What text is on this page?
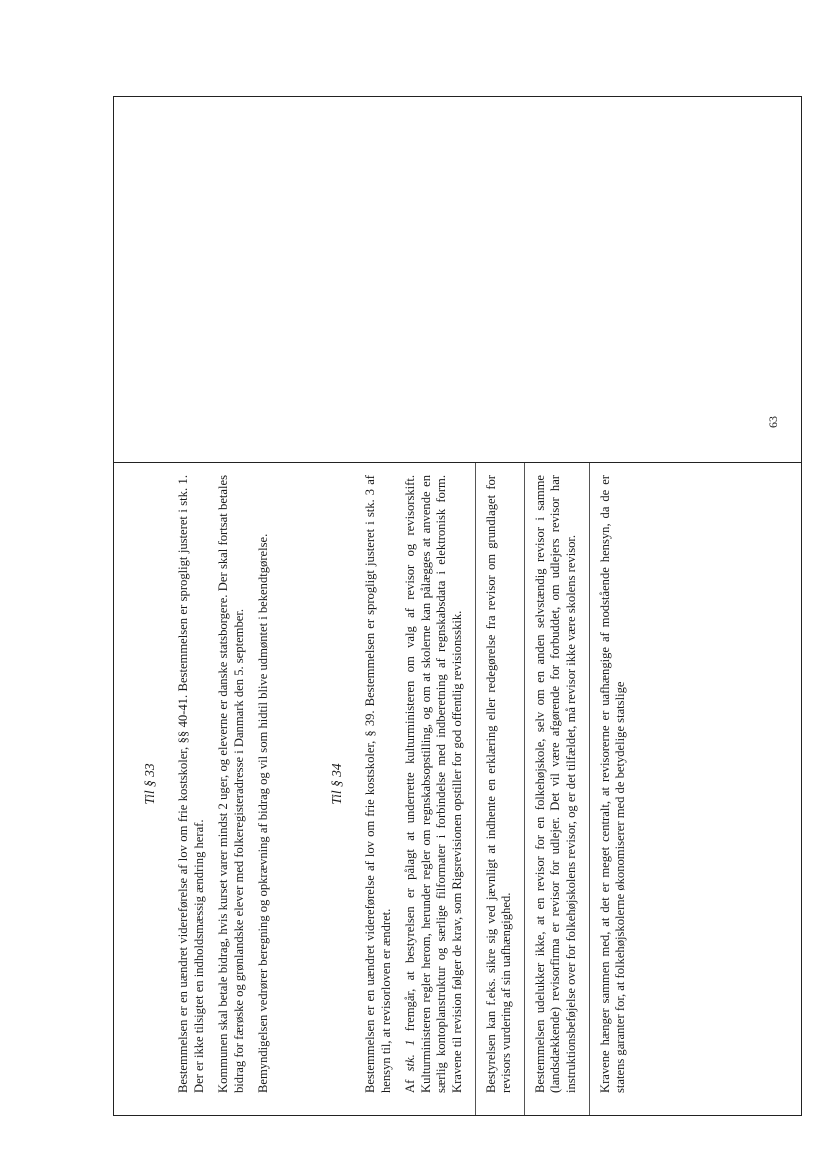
Til § 33 Bestemmelsen er en uændret videreførelse af lov om frie kostskoler, §§ 40-41. Bestemmelsen er sprogligt justeret i stk. 1. Der er ikke tilsigtet en indholdsmæssig ændring heraf. Kommunen skal betale bidrag, hvis kurset varer mindst 2 uger, og eleverne er danske statsborgere. Der skal fortsat betales bidrag for færøske og grønlandske elever med folkeregisteradresse i Danmark den 5. september. Bemyndigelsen vedrører beregning og opkrævning af bidrag og vil som hidtil blive udmøntet i bekendtgørelse.	Til § 34 Bestemmelsen er en uændret videreførelse af lov om frie kostskoler, § 39. Bestemmelsen er sprogligt justeret i stk. 3 af hensyn til, at revisorloven er ændret. Af stk. 1 fremgår, at bestyrelsen er pålagt at underrette kulturministeren om valg af revisor og revisorskift. Kulturministeren regler herom, herunder regler om regnskabsopstilling, og om at skolerne kan pålægges at anvende en særlig kontoplanstruktur og særlige filformater i forbindelse med indberetning af regnskabsdata i elektronisk form. Kravene til revision følger de krav, som Rigsrevisionen opstiller for god offentlig revisionsskik. Bestyrelsen kan f.eks. sikre sig ved jævnligt at indhente en erklæring eller redegørelse fra revisor om grundlaget for revisors vurdering af sin uafhængighed. Bestemmelsen udelukker ikke, at en revisor for en folkehøjskole, selv om en anden selvstændig revisor i samme (landsdækkende) revisorfirma er revisor for udlejer. Det vil være afgørende for forbuddet, om udlejers revisor har instruktionsbeføjelse over for folkehøjskolens revisor, og er det tilfældet, må revisor ikke være skolens revisor. Kravene hænger sammen med, at det er meget centralt, at revisorerne er uafhængige af modstående hensyn, da de er statens garanter for, at folkehøjskolerne økonomiserer med de betydelige statslige

63
